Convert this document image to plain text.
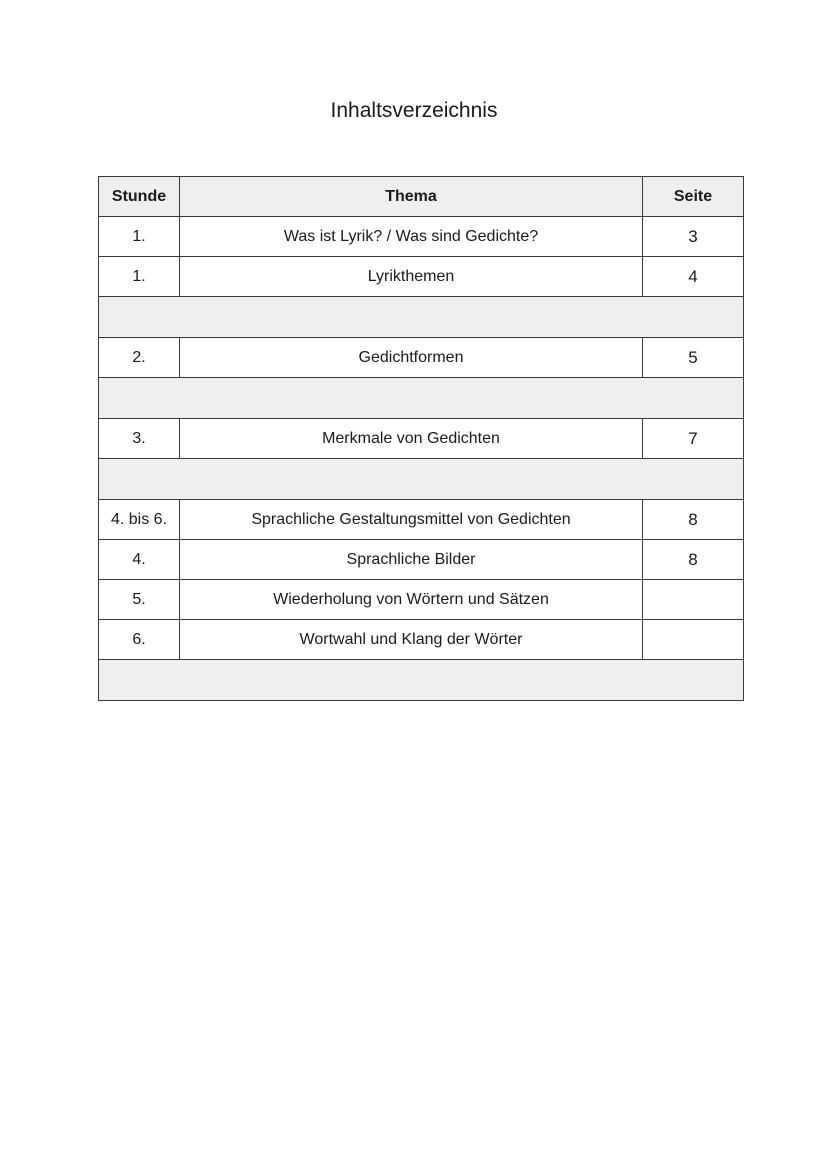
Inhaltsverzeichnis
Stunde	Thema	Seite
1.	Was ist Lyrik? / Was sind Gedichte?	3
1.	Lyrikthemen	4

2.	Gedichtformen	5

3.	Merkmale von Gedichten	7

4. bis 6.	Sprachliche Gestaltungsmittel von Gedichten	8
4.	Sprachliche Bilder	8
5.	Wiederholung von Wörtern und Sätzen	
6.	Wortwahl und Klang der Wörter	
